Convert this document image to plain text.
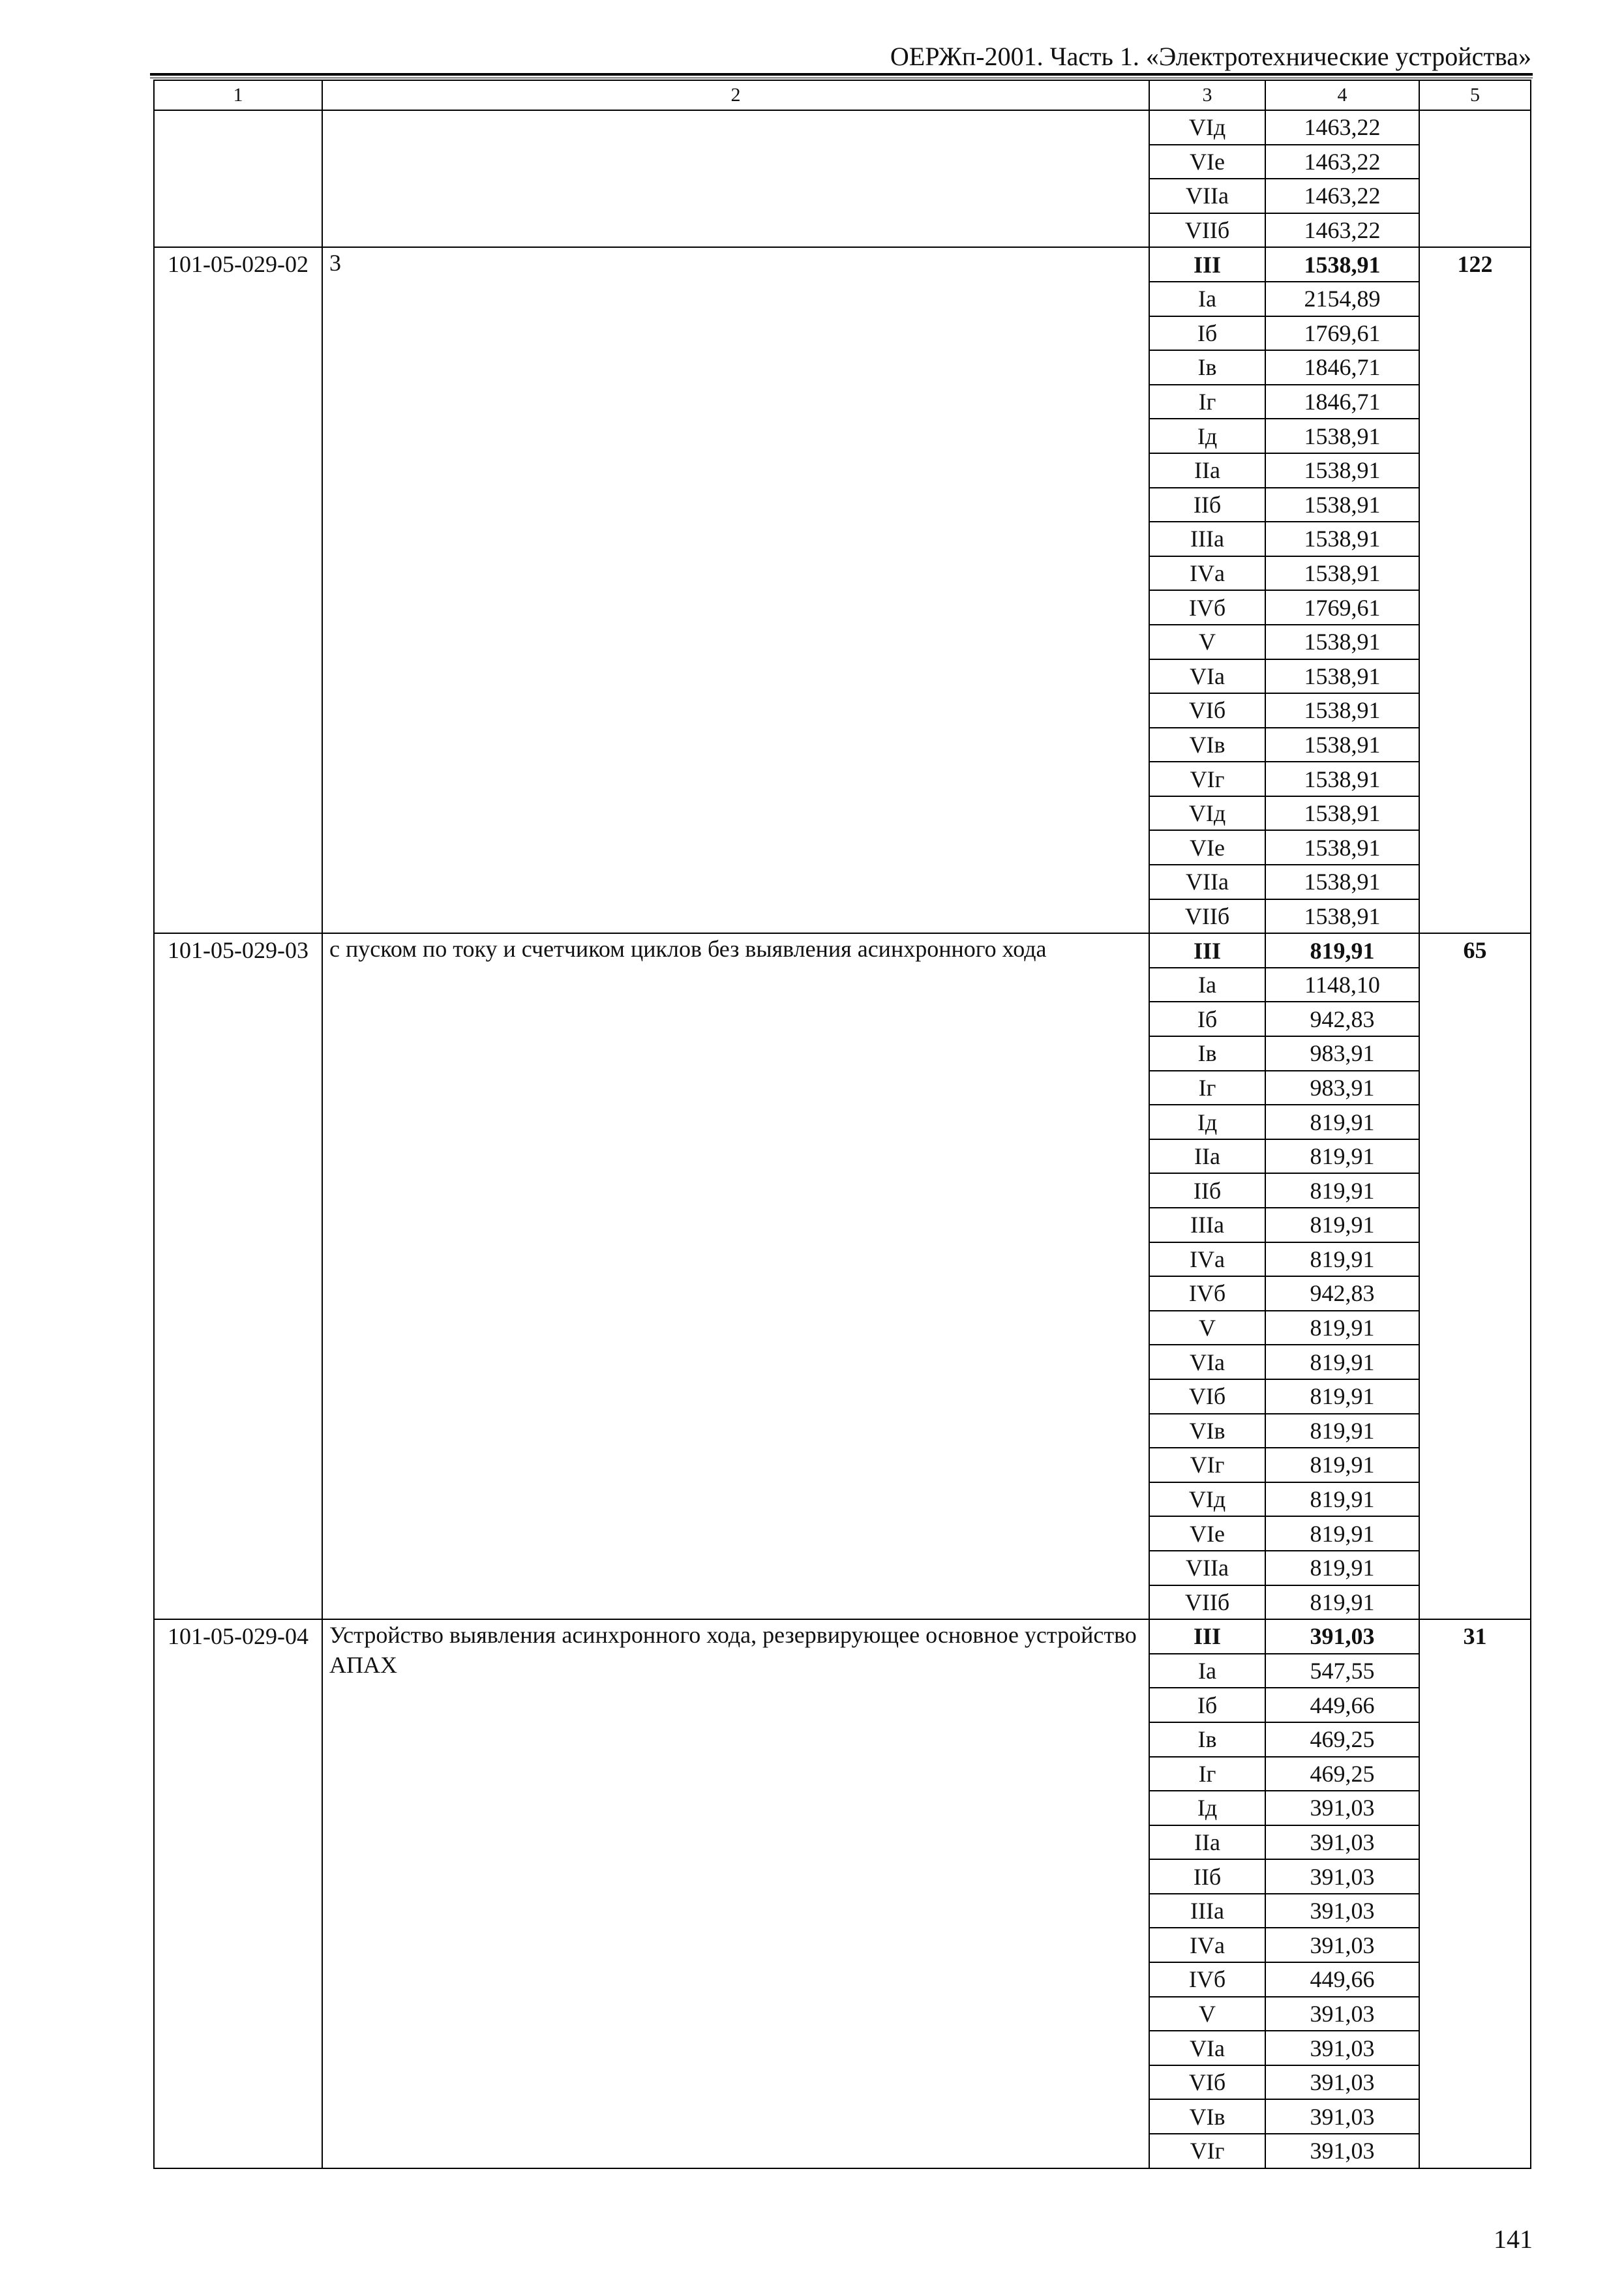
ОЕРЖп-2001. Часть 1. «Электротехнические устройства»
1	2	3	4	5
		VIд	1463,22	
		VIе	1463,22	
		VIIа	1463,22	
		VIIб	1463,22	
101-05-029-02	3	III	1538,91	122
		Iа	2154,89	
		Iб	1769,61	
		Iв	1846,71	
		Iг	1846,71	
		Iд	1538,91	
		IIа	1538,91	
		IIб	1538,91	
		IIIа	1538,91	
		IVа	1538,91	
		IVб	1769,61	
		V	1538,91	
		VIа	1538,91	
		VIб	1538,91	
		VIв	1538,91	
		VIг	1538,91	
		VIд	1538,91	
		VIе	1538,91	
		VIIа	1538,91	
		VIIб	1538,91	
101-05-029-03	с пуском по току и счетчиком циклов без выявления асинхронного хода	III	819,91	65
		Iа	1148,10	
		Iб	942,83	
		Iв	983,91	
		Iг	983,91	
		Iд	819,91	
		IIа	819,91	
		IIб	819,91	
		IIIа	819,91	
		IVа	819,91	
		IVб	942,83	
		V	819,91	
		VIа	819,91	
		VIб	819,91	
		VIв	819,91	
		VIг	819,91	
		VIд	819,91	
		VIе	819,91	
		VIIа	819,91	
		VIIб	819,91	
101-05-029-04	Устройство выявления асинхронного хода, резервирующее основное устройство АПАХ	III	391,03	31
		Iа	547,55	
		Iб	449,66	
		Iв	469,25	
		Iг	469,25	
		Iд	391,03	
		IIа	391,03	
		IIб	391,03	
		IIIа	391,03	
		IVа	391,03	
		IVб	449,66	
		V	391,03	
		VIа	391,03	
		VIб	391,03	
		VIв	391,03	
		VIг	391,03	
141
